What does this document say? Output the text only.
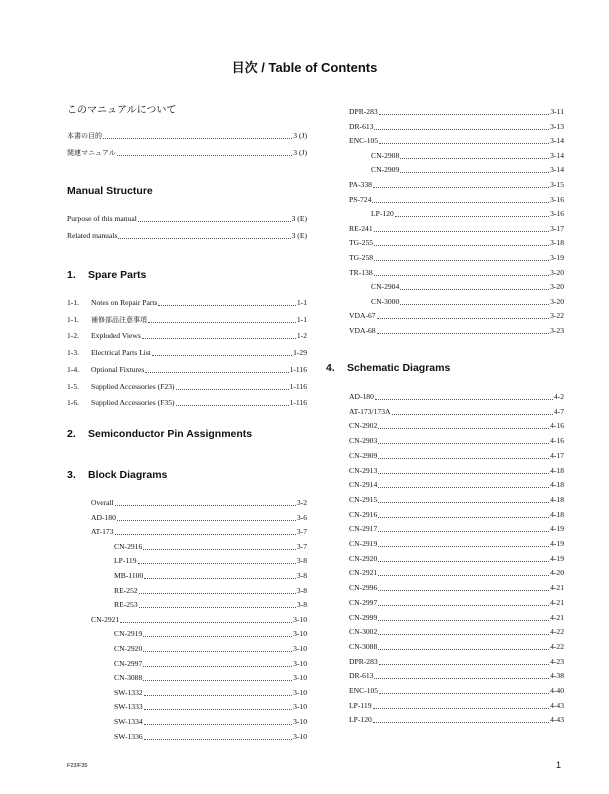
目次 / Table of Contents
このマニュアルについて
Manual Structure
1. Spare Parts
2. Semiconductor Pin Assignments
3. Block Diagrams
4. Schematic Diagrams
本書の目的	3 (J)
関連マニュアル	3 (J)
Purpose of this manual	3 (E)
Related manuals	3 (E)
1-1.	Notes on Repair Parts	1-1
1-1.	補修部品注意事項	1-1
1-2.	Exploded Views	1-2
1-3.	Electrical Parts List	1-29
1-4.	Optional Fixtures	1-116
1-5.	Supplied Accessories (F23)	1-116
1-6.	Supplied Accessories (F35)	1-116
Overall	3-2
AD-180	3-6
AT-173	3-7
CN-2916	3-7
LP-119	3-8
MB-1100	3-8
RE-252	3-8
RE-253	3-8
CN-2921	3-10
CN-2919	3-10
CN-2920	3-10
CN-2997	3-10
CN-3088	3-10
SW-1332	3-10
SW-1333	3-10
SW-1334	3-10
SW-1336	3-10
DPR-283	3-11
DR-613	3-13
ENC-105	3-14
CN-2908	3-14
CN-2909	3-14
PA-338	3-15
PS-724	3-16
LP-120	3-16
RE-241	3-17
TG-255	3-18
TG-258	3-19
TR-138	3-20
CN-2904	3-20
CN-3000	3-20
VDA-67	3-22
VDA-68	3-23
AD-180	4-2
AT-173/173A	4-7
CN-2902	4-16
CN-2903	4-16
CN-2909	4-17
CN-2913	4-18
CN-2914	4-18
CN-2915	4-18
CN-2916	4-18
CN-2917	4-19
CN-2919	4-19
CN-2920	4-19
CN-2921	4-20
CN-2996	4-21
CN-2997	4-21
CN-2999	4-21
CN-3002	4-22
CN-3088	4-22
DPR-283	4-23
DR-613	4-38
ENC-105	4-40
LP-119	4-43
LP-120	4-43
F23/F35	1
